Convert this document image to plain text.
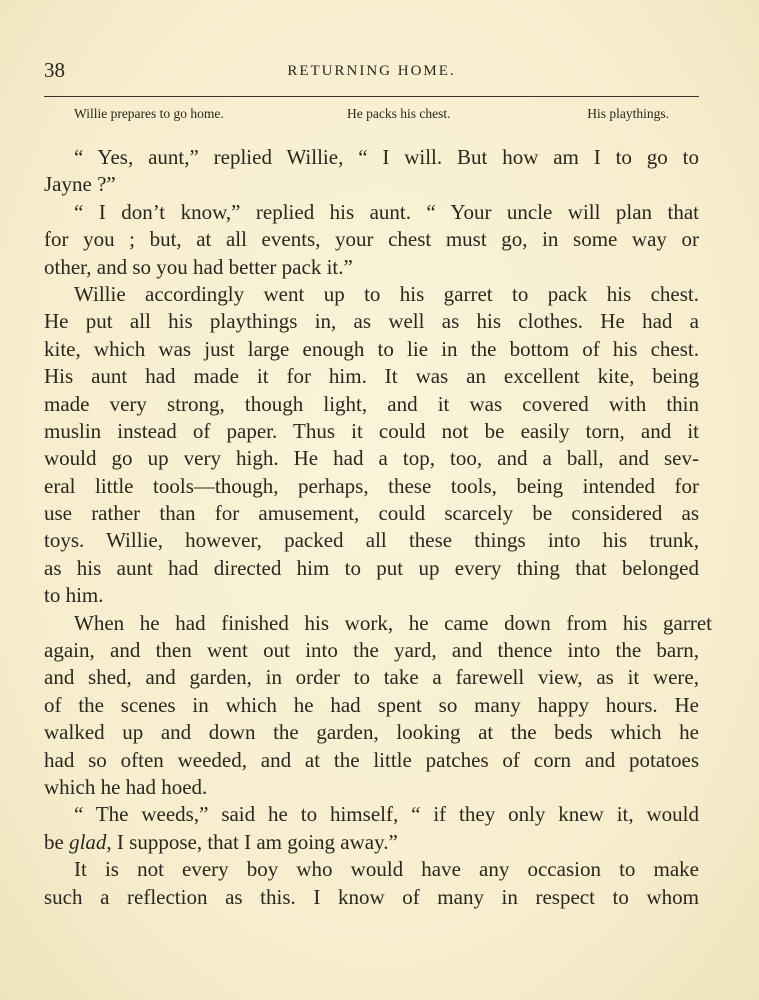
38	RETURNING HOME.
Willie prepares to go home.	He packs his chest.	His playthings.
“ Yes, aunt,” replied Willie, “ I will. But how am I to go to
Jayne ?”
“ I don’t know,” replied his aunt. “ Your uncle will plan that
for you ; but, at all events, your chest must go, in some way or
other, and so you had better pack it.”
Willie accordingly went up to his garret to pack his chest.
He put all his playthings in, as well as his clothes. He had a
kite, which was just large enough to lie in the bottom of his chest.
His aunt had made it for him. It was an excellent kite, being
made very strong, though light, and it was covered with thin
muslin instead of paper. Thus it could not be easily torn, and it
would go up very high. He had a top, too, and a ball, and sev-
eral little tools—though, perhaps, these tools, being intended for
use rather than for amusement, could scarcely be considered as
toys. Willie, however, packed all these things into his trunk,
as his aunt had directed him to put up every thing that belonged
to him.
When he had finished his work, he came down from his garret
again, and then went out into the yard, and thence into the barn,
and shed, and garden, in order to take a farewell view, as it were,
of the scenes in which he had spent so many happy hours. He
walked up and down the garden, looking at the beds which he
had so often weeded, and at the little patches of corn and potatoes
which he had hoed.
“ The weeds,” said he to himself, “ if they only knew it, would
be glad, I suppose, that I am going away.”
It is not every boy who would have any occasion to make
such a reflection as this. I know of many in respect to whom
